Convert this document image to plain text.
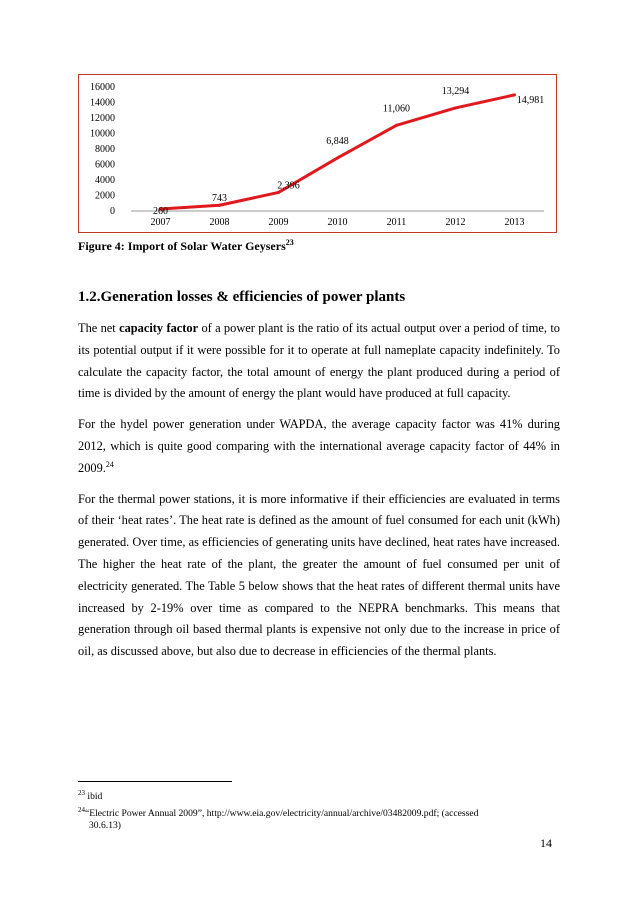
0
2000
4000
6000
8000
10000
12000
14000
16000
2007	2008	2009	2010	2011	2012	2013
260
743
2,396
6,848
11,060
13,294
14,981
Figure 4: Import of Solar Water Geysers$^{23}$
1.2.Generation losses & efficiencies of power plants

The net capacity factor of a power plant is the ratio of its actual output over a period of time, to its potential output if it were possible for it to operate at full nameplate capacity indefinitely. To calculate the capacity factor, the total amount of energy the plant produced during a period of time is divided by the amount of energy the plant would have produced at full capacity.

For the hydel power generation under WAPDA, the average capacity factor was 41% during 2012, which is quite good comparing with the international average capacity factor of 44% in 2009.24

For the thermal power stations, it is more informative if their efficiencies are evaluated in terms of their ‘heat rates’. The heat rate is defined as the amount of fuel consumed for each unit (kWh) generated. Over time, as efficiencies of generating units have declined, heat rates have increased. The higher the heat rate of the plant, the greater the amount of fuel consumed per unit of electricity generated. The Table 5 below shows that the heat rates of different thermal units have increased by 2-19% over time as compared to the NEPRA benchmarks. This means that generation through oil based thermal plants is expensive not only due to the increase in price of oil, as discussed above, but also due to decrease in efficiencies of the thermal plants.

$^{23}$ ibid

$^{24}$“Electric Power Annual 2009”, http://www.eia.gov/electricity/annual/archive/03482009.pdf; (accessed

30.6.13)

14
